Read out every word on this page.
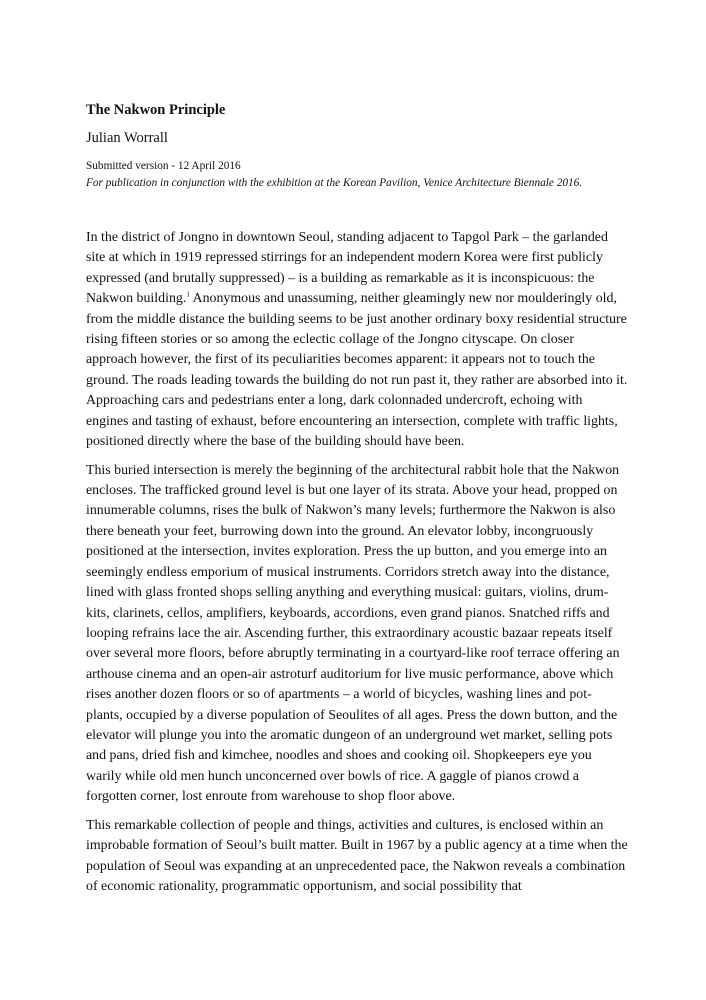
The Nakwon Principle

Julian Worrall

Submitted version - 12 April 2016

For publication in conjunction with the exhibition at the Korean Pavilion, Venice Architecture Biennale 2016.

In the district of Jongno in downtown Seoul, standing adjacent to Tapgol Park – the garlanded site at which in 1919 repressed stirrings for an independent modern Korea were first publicly expressed (and brutally suppressed) – is a building as remarkable as it is inconspicuous: the Nakwon building.$^1$ Anonymous and unassuming, neither gleamingly new nor moulderingly old, from the middle distance the building seems to be just another ordinary boxy residential structure rising fifteen stories or so among the eclectic collage of the Jongno cityscape. On closer approach however, the first of its peculiarities becomes apparent: it appears not to touch the ground. The roads leading towards the building do not run past it, they rather are absorbed into it. Approaching cars and pedestrians enter a long, dark colonnaded undercroft, echoing with engines and tasting of exhaust, before encountering an intersection, complete with traffic lights, positioned directly where the base of the building should have been.

This buried intersection is merely the beginning of the architectural rabbit hole that the Nakwon encloses. The trafficked ground level is but one layer of its strata. Above your head, propped on innumerable columns, rises the bulk of Nakwon’s many levels; furthermore the Nakwon is also there beneath your feet, burrowing down into the ground. An elevator lobby, incongruously positioned at the intersection, invites exploration. Press the up button, and you emerge into an seemingly endless emporium of musical instruments. Corridors stretch away into the distance, lined with glass fronted shops selling anything and everything musical: guitars, violins, drum-kits, clarinets, cellos, amplifiers, keyboards, accordions, even grand pianos. Snatched riffs and looping refrains lace the air. Ascending further, this extraordinary acoustic bazaar repeats itself over several more floors, before abruptly terminating in a courtyard-like roof terrace offering an arthouse cinema and an open-air astroturf auditorium for live music performance, above which rises another dozen floors or so of apartments – a world of bicycles, washing lines and pot-plants, occupied by a diverse population of Seoulites of all ages. Press the down button, and the elevator will plunge you into the aromatic dungeon of an underground wet market, selling pots and pans, dried fish and kimchee, noodles and shoes and cooking oil. Shopkeepers eye you warily while old men hunch unconcerned over bowls of rice. A gaggle of pianos crowd a forgotten corner, lost enroute from warehouse to shop floor above.

This remarkable collection of people and things, activities and cultures, is enclosed within an improbable formation of Seoul’s built matter. Built in 1967 by a public agency at a time when the population of Seoul was expanding at an unprecedented pace, the Nakwon reveals a combination of economic rationality, programmatic opportunism, and social possibility that
